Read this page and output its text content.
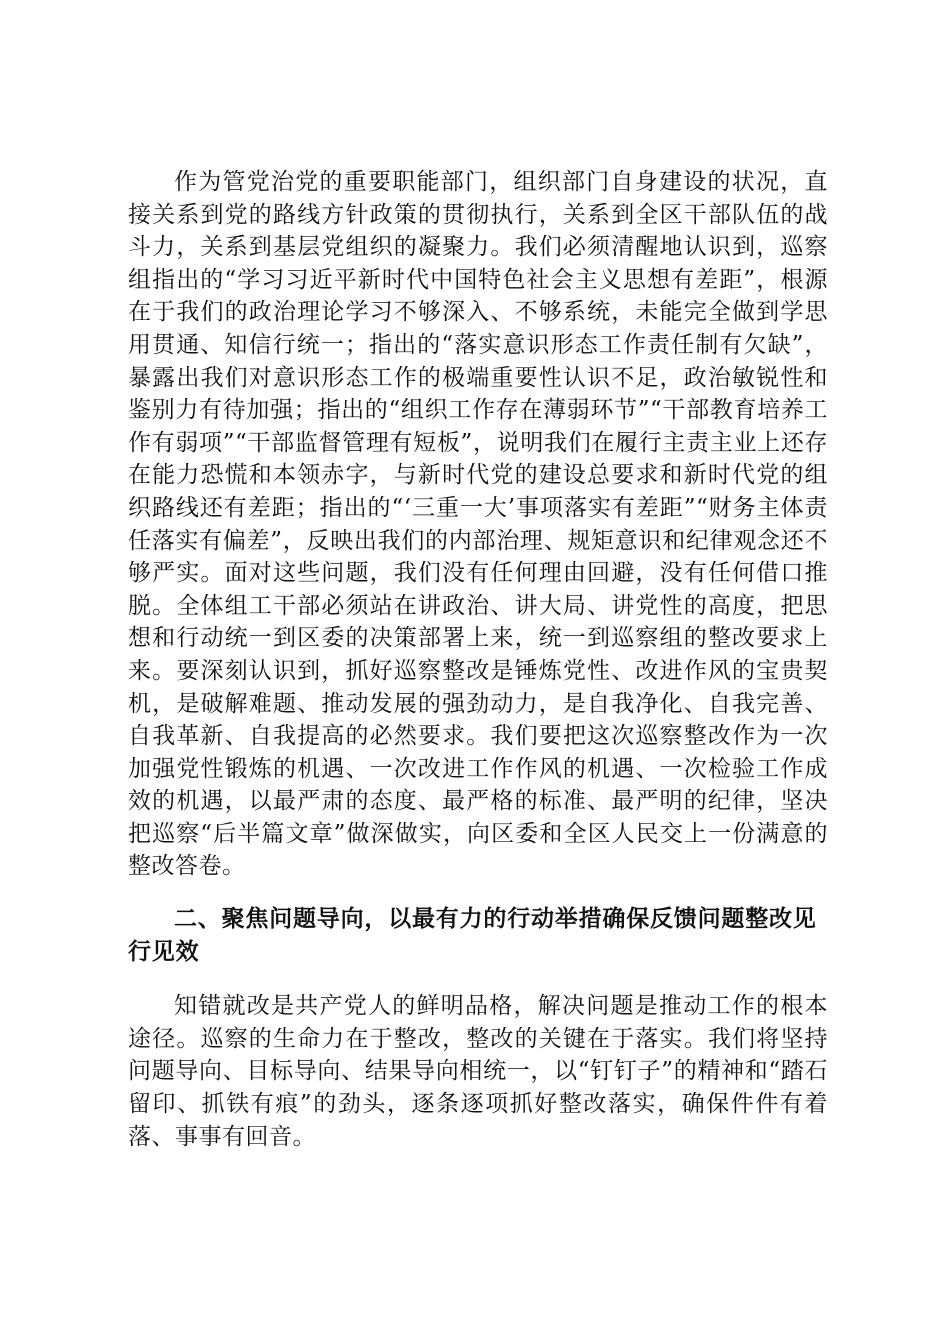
作为管党治党的重要职能部门，组织部门自身建设的状况，直接关系到党的路线方针政策的贯彻执行，关系到全区干部队伍的战斗力，关系到基层党组织的凝聚力。我们必须清醒地认识到，巡察组指出的“学习习近平新时代中国特色社会主义思想有差距”，根源在于我们的政治理论学习不够深入、不够系统，未能完全做到学思用贯通、知信行统一；指出的“落实意识形态工作责任制有欠缺”，暴露出我们对意识形态工作的极端重要性认识不足，政治敏锐性和鉴别力有待加强；指出的“组织工作存在薄弱环节”“干部教育培养工作有弱项”“干部监督管理有短板”，说明我们在履行主责主业上还存在能力恐慌和本领赤字，与新时代党的建设总要求和新时代党的组织路线还有差距；指出的“‘三重一大’事项落实有差距”“财务主体责任落实有偏差”，反映出我们的内部治理、规矩意识和纪律观念还不够严实。面对这些问题，我们没有任何理由回避，没有任何借口推脱。全体组工干部必须站在讲政治、讲大局、讲党性的高度，把思想和行动统一到区委的决策部署上来，统一到巡察组的整改要求上来。要深刻认识到，抓好巡察整改是锤炼党性、改进作风的宝贵契机，是破解难题、推动发展的强劲动力，是自我净化、自我完善、自我革新、自我提高的必然要求。我们要把这次巡察整改作为一次加强党性锻炼的机遇、一次改进工作作风的机遇、一次检验工作成效的机遇，以最严肃的态度、最严格的标准、最严明的纪律，坚决把巡察“后半篇文章”做深做实，向区委和全区人民交上一份满意的整改答卷。

二、聚焦问题导向，以最有力的行动举措确保反馈问题整改见行见效

知错就改是共产党人的鲜明品格，解决问题是推动工作的根本途径。巡察的生命力在于整改，整改的关键在于落实。我们将坚持问题导向、目标导向、结果导向相统一，以“钉钉子”的精神和“踏石留印、抓铁有痕”的劲头，逐条逐项抓好整改落实，确保件件有着落、事事有回音。
